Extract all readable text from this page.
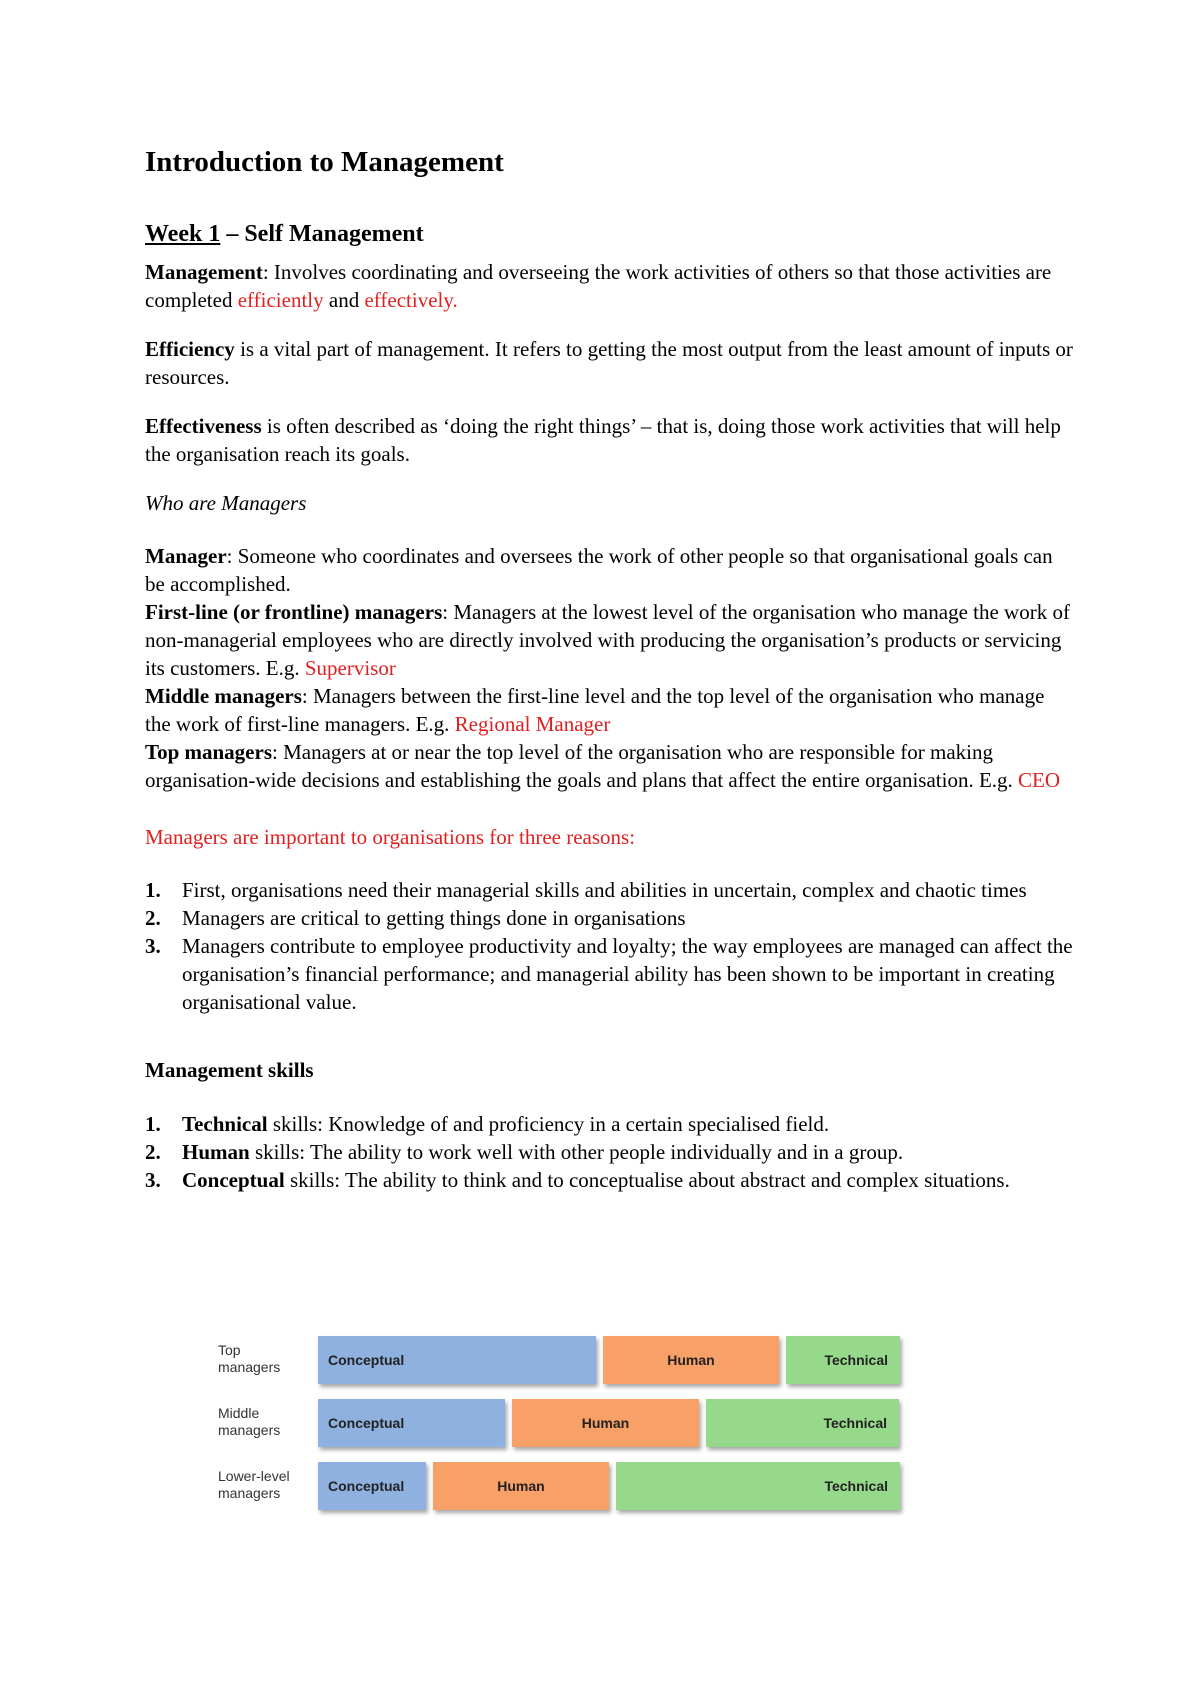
Introduction to Management
Week 1 – Self Management

Management: Involves coordinating and overseeing the work activities of others so that those activities are completed efficiently and effectively.

Efficiency is a vital part of management. It refers to getting the most output from the least amount of inputs or resources.

Effectiveness is often described as ‘doing the right things’ – that is, doing those work activities that will help the organisation reach its goals.

Who are Managers

Manager: Someone who coordinates and oversees the work of other people so that organisational goals can be accomplished.
First-line (or frontline) managers: Managers at the lowest level of the organisation who manage the work of non-managerial employees who are directly involved with producing the organisation’s products or servicing its customers. E.g. Supervisor
Middle managers: Managers between the first-line level and the top level of the organisation who manage the work of first-line managers. E.g. Regional Manager
Top managers: Managers at or near the top level of the organisation who are responsible for making organisation-wide decisions and establishing the goals and plans that affect the entire organisation. E.g. CEO

Managers are important to organisations for three reasons:

1. First, organisations need their managerial skills and abilities in uncertain, complex and chaotic times
2. Managers are critical to getting things done in organisations
3. Managers contribute to employee productivity and loyalty; the way employees are managed can affect the organisation’s financial performance; and managerial ability has been shown to be important in creating organisational value.

Management skills

1. Technical skills: Knowledge of and proficiency in a certain specialised field.
2. Human skills: The ability to work well with other people individually and in a group.
3. Conceptual skills: The ability to think and to conceptualise about abstract and complex situations.
Top
managers	Conceptual	Human	Technical
Middle
managers	Conceptual	Human	Technical
Lower-level
managers	Conceptual	Human	Technical
